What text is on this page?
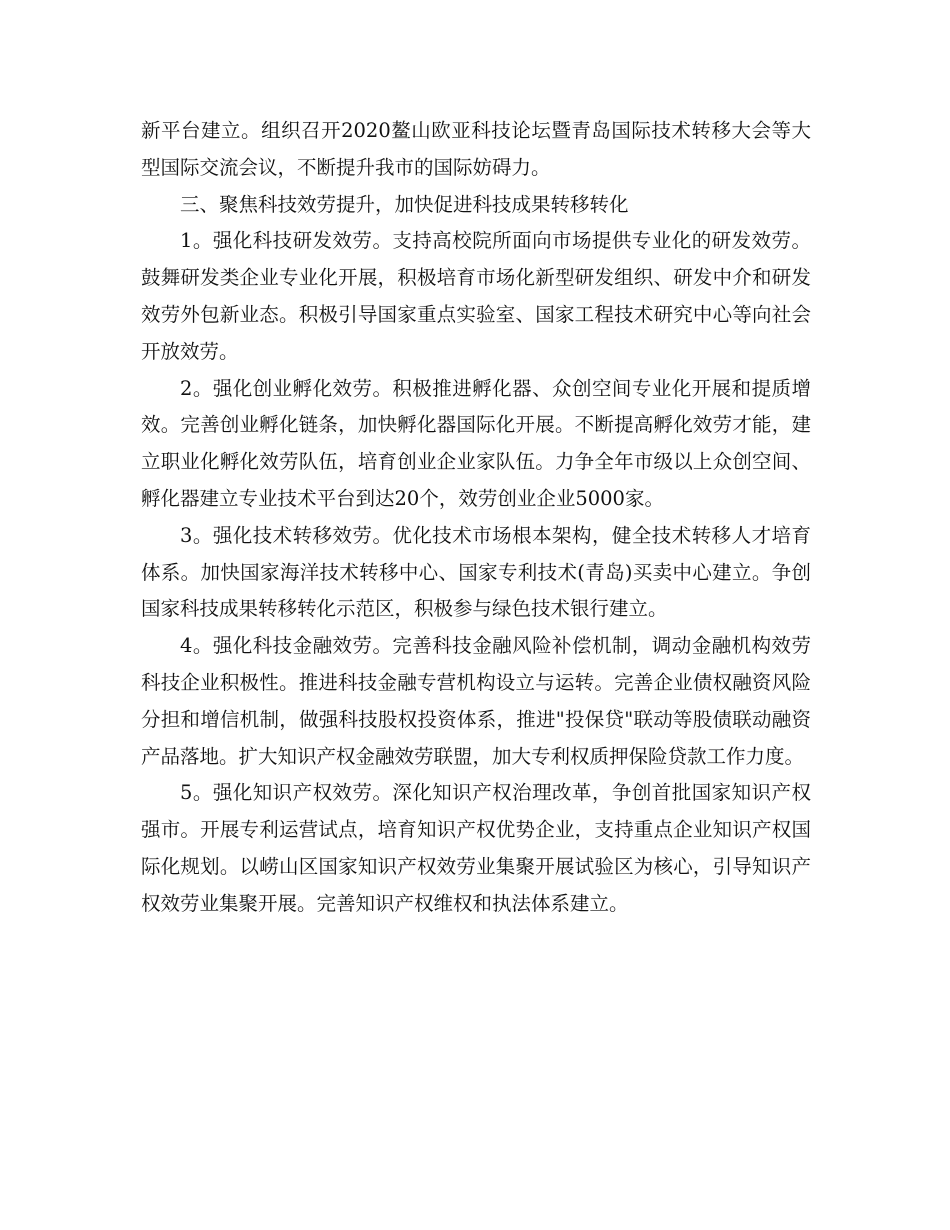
新平台建立。组织召开2020鳌山欧亚科技论坛暨青岛国际技术转移大会等大型国际交流会议，不断提升我市的国际妨碍力。

三、聚焦科技效劳提升，加快促进科技成果转移转化

1。强化科技研发效劳。支持高校院所面向市场提供专业化的研发效劳。鼓舞研发类企业专业化开展，积极培育市场化新型研发组织、研发中介和研发效劳外包新业态。积极引导国家重点实验室、国家工程技术研究中心等向社会开放效劳。

2。强化创业孵化效劳。积极推进孵化器、众创空间专业化开展和提质增效。完善创业孵化链条，加快孵化器国际化开展。不断提高孵化效劳才能，建立职业化孵化效劳队伍，培育创业企业家队伍。力争全年市级以上众创空间、孵化器建立专业技术平台到达20个，效劳创业企业5000家。

3。强化技术转移效劳。优化技术市场根本架构，健全技术转移人才培育体系。加快国家海洋技术转移中心、国家专利技术(青岛)买卖中心建立。争创国家科技成果转移转化示范区，积极参与绿色技术银行建立。

4。强化科技金融效劳。完善科技金融风险补偿机制，调动金融机构效劳科技企业积极性。推进科技金融专营机构设立与运转。完善企业债权融资风险分担和增信机制，做强科技股权投资体系，推进"投保贷"联动等股债联动融资产品落地。扩大知识产权金融效劳联盟，加大专利权质押保险贷款工作力度。

5。强化知识产权效劳。深化知识产权治理改革，争创首批国家知识产权强市。开展专利运营试点，培育知识产权优势企业，支持重点企业知识产权国际化规划。以崂山区国家知识产权效劳业集聚开展试验区为核心，引导知识产权效劳业集聚开展。完善知识产权维权和执法体系建立。
